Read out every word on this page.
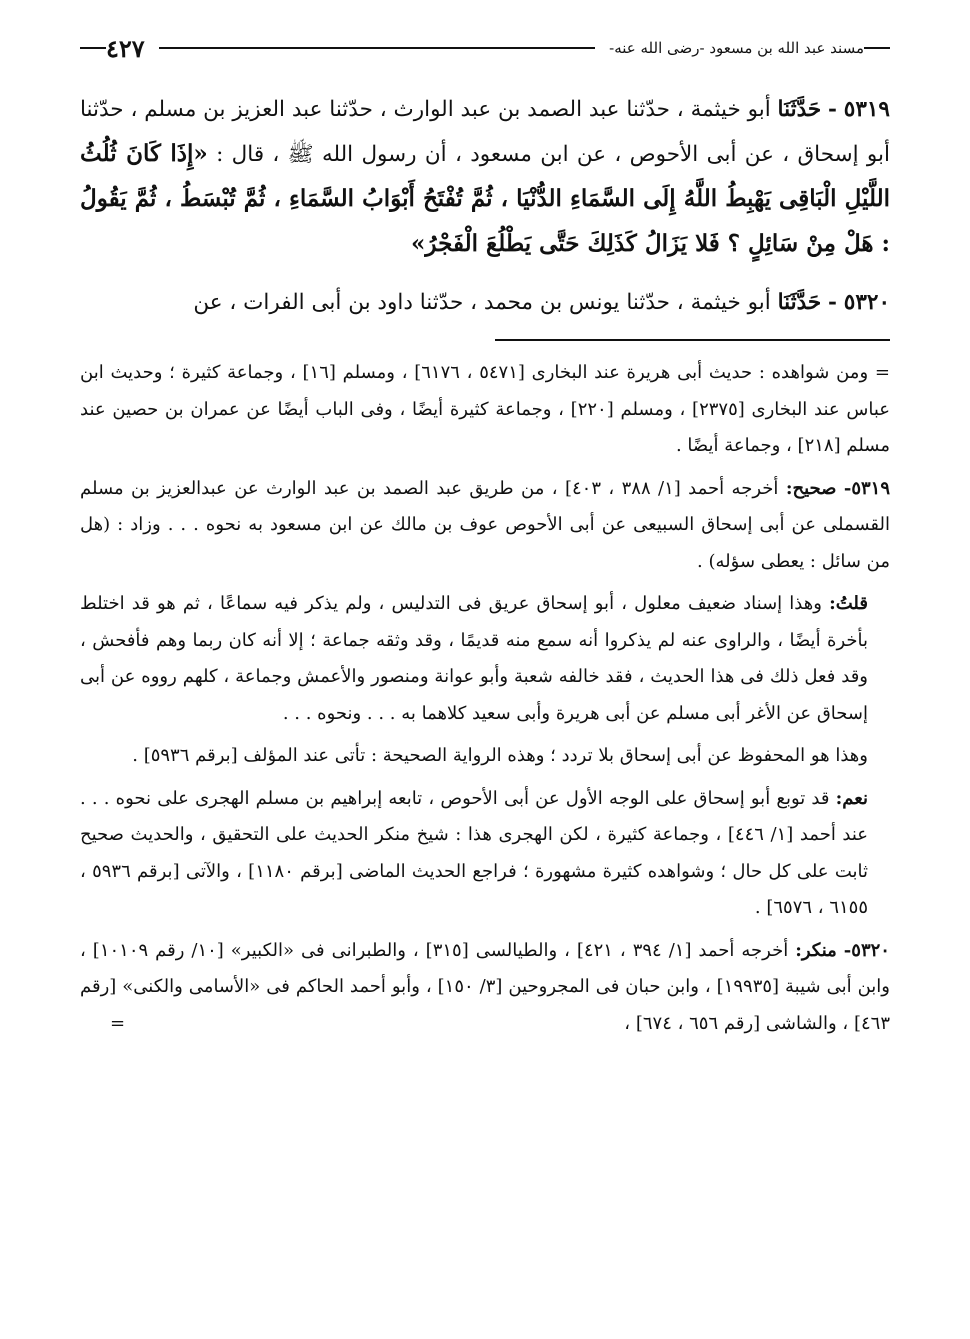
مسند عبد الله بن مسعود -رضى الله عنه-
٤٢٧

٥٣١٩ - حَدَّثَنَا أبو خيثمة ، حدّثنا عبد الصمد بن عبد الوارث ، حدّثنا عبد العزيز بن مسلم ، حدّثنا أبو إسحاق ، عن أبى الأحوص ، عن ابن مسعود ، أن رسول الله ﷺ ، قال : «إِذَا كَانَ ثُلُثُ اللَّيْلِ الْبَاقِى يَهْبِطُ اللَّهُ إِلَى السَّمَاءِ الدُّنْيَا ، ثُمَّ تُفْتَحُ أَبْوَابُ السَّمَاءِ ، ثُمَّ تُبْسَطُ ، ثُمَّ يَقُولُ : هَلْ مِنْ سَائِلٍ ؟ فَلا يَزَالُ كَذَلِكَ حَتَّى يَطْلُعَ الْفَجْرُ»

٥٣٢٠ - حَدَّثَنَا أبو خيثمة ، حدّثنا يونس بن محمد ، حدّثنا داود بن أبى الفرات ، عن

= ومن شواهده : حديث أبى هريرة عند البخارى [٥٤٧١ ، ٦١٧٦] ، ومسلم [١٦] ، وجماعة كثيرة ؛ وحديث ابن عباس عند البخارى [٢٣٧٥] ، ومسلم [٢٢٠] ، وجماعة كثيرة أيضًا ، وفى الباب أيضًا عن عمران بن حصين عند مسلم [٢١٨] ، وجماعة أيضًا .

٥٣١٩- صحيح: أخرجه أحمد [١/ ٣٨٨ ، ٤٠٣] ، من طريق عبد الصمد بن عبد الوارث عن عبدالعزيز بن مسلم القسملى عن أبى إسحاق السبيعى عن أبى الأحوص عوف بن مالك عن ابن مسعود به نحوه . . . وزاد : (هل من سائل : يعطى سؤله) .

قلتُ: وهذا إسناد ضعيف معلول ، أبو إسحاق عريق فى التدليس ، ولم يذكر فيه سماعًا ، ثم هو قد اختلط بأخرة أيضًا ، والراوى عنه لم يذكروا أنه سمع منه قديمًا ، وقد وثقه جماعة ؛ إلا أنه كان ربما وهم فأفحش ، وقد فعل ذلك فى هذا الحديث ، فقد خالفه شعبة وأبو عوانة ومنصور والأعمش وجماعة ، كلهم رووه عن أبى إسحاق عن الأغر أبى مسلم عن أبى هريرة وأبى سعيد كلاهما به . . . ونحوه . . .

وهذا هو المحفوظ عن أبى إسحاق بلا تردد ؛ وهذه الرواية الصحيحة : تأتى عند المؤلف [برقم ٥٩٣٦] .

نعم: قد توبع أبو إسحاق على الوجه الأول عن أبى الأحوص ، تابعه إبراهيم بن مسلم الهجرى على نحوه . . . عند أحمد [١/ ٤٤٦] ، وجماعة كثيرة ، لكن الهجرى هذا : شيخ منكر الحديث على التحقيق ، والحديث صحيح ثابت على كل حال ؛ وشواهده كثيرة مشهورة ؛ فراجع الحديث الماضى [برقم ١١٨٠] ، والآتى [برقم ٥٩٣٦ ، ٦١٥٥ ، ٦٥٧٦] .

٥٣٢٠- منكر: أخرجه أحمد [١/ ٣٩٤ ، ٤٢١] ، والطيالسى [٣١٥] ، والطبرانى فى «الكبير» [١٠/ رقم ١٠١٠٩] ، وابن أبى شيبة [١٩٩٣٥] ، وابن حبان فى المجروحين [٣/ ١٥٠] ، وأبو أحمد الحاكم فى «الأسامى والكنى» [رقم ٤٦٣] ، والشاشى [رقم ٦٥٦ ، ٦٧٤] ،
=
